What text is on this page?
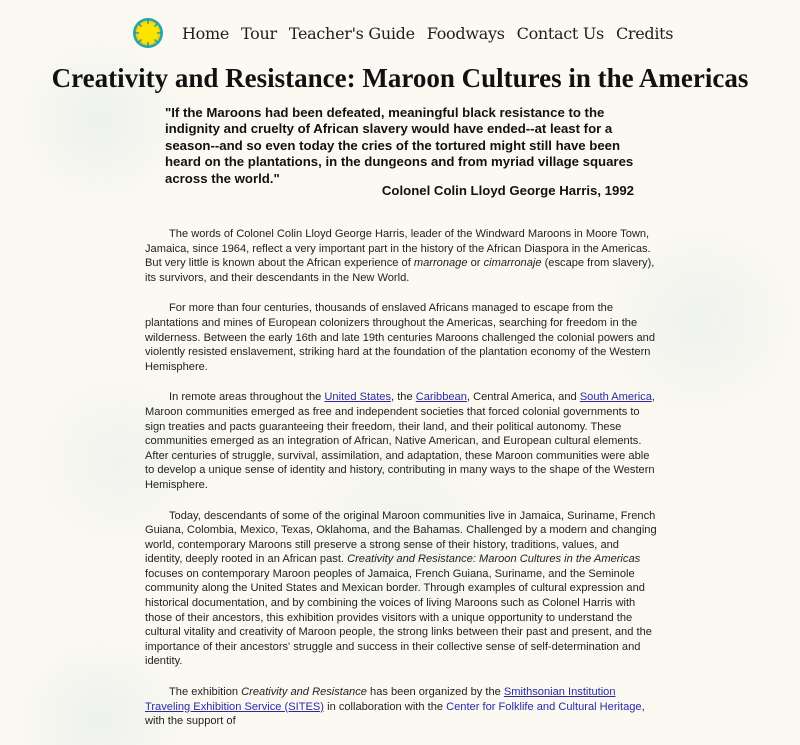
Home Tour Teacher's Guide Foodways Contact Us Credits
Creativity and Resistance: Maroon Cultures in the Americas
"If the Maroons had been defeated, meaningful black resistance to the indignity and cruelty of African slavery would have ended--at least for a season--and so even today the cries of the tortured might still have been heard on the plantations, in the dungeons and from myriad village squares across the world."
Colonel Colin Lloyd George Harris, 1992

The words of Colonel Colin Lloyd George Harris, leader of the Windward Maroons in Moore Town, Jamaica, since 1964, reflect a very important part in the history of the African Diaspora in the Americas. But very little is known about the African experience of marronage or cimarronaje (escape from slavery), its survivors, and their descendants in the New World.

For more than four centuries, thousands of enslaved Africans managed to escape from the plantations and mines of European colonizers throughout the Americas, searching for freedom in the wilderness. Between the early 16th and late 19th centuries Maroons challenged the colonial powers and violently resisted enslavement, striking hard at the foundation of the plantation economy of the Western Hemisphere.

In remote areas throughout the United States, the Caribbean, Central America, and South America, Maroon communities emerged as free and independent societies that forced colonial governments to sign treaties and pacts guaranteeing their freedom, their land, and their political autonomy. These communities emerged as an integration of African, Native American, and European cultural elements. After centuries of struggle, survival, assimilation, and adaptation, these Maroon communities were able to develop a unique sense of identity and history, contributing in many ways to the shape of the Western Hemisphere.

Today, descendants of some of the original Maroon communities live in Jamaica, Suriname, French Guiana, Colombia, Mexico, Texas, Oklahoma, and the Bahamas. Challenged by a modern and changing world, contemporary Maroons still preserve a strong sense of their history, traditions, values, and identity, deeply rooted in an African past. Creativity and Resistance: Maroon Cultures in the Americas focuses on contemporary Maroon peoples of Jamaica, French Guiana, Suriname, and the Seminole community along the United States and Mexican border. Through examples of cultural expression and historical documentation, and by combining the voices of living Maroons such as Colonel Harris with those of their ancestors, this exhibition provides visitors with a unique opportunity to understand the cultural vitality and creativity of Maroon people, the strong links between their past and present, and the importance of their ancestors' struggle and success in their collective sense of self-determination and identity.

The exhibition Creativity and Resistance has been organized by the Smithsonian Institution Traveling Exhibition Service (SITES) in collaboration with the Center for Folklife and Cultural Heritage, with the support of
